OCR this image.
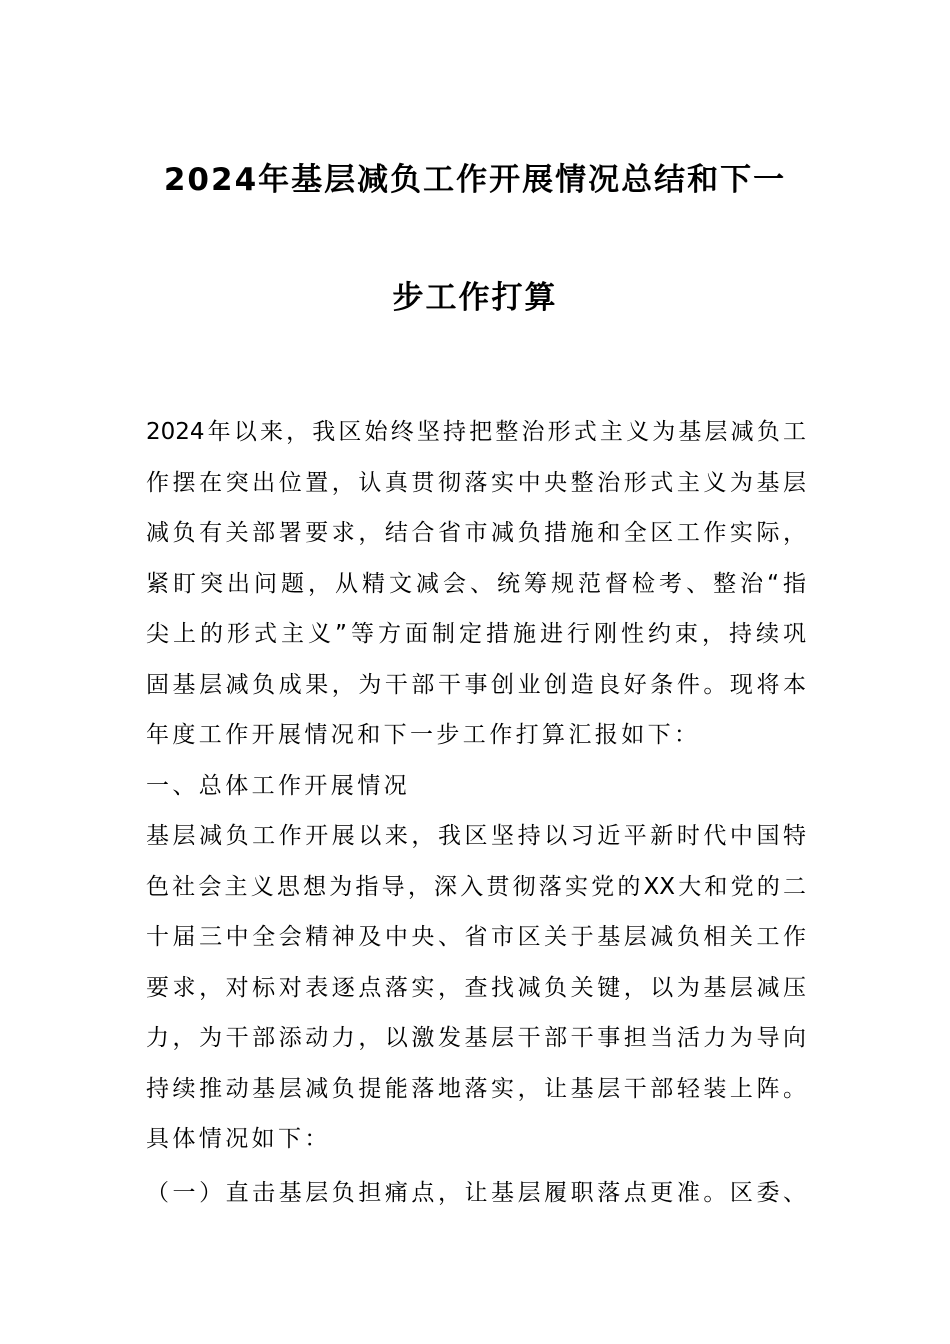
2024年基层减负工作开展情况总结和下一
步工作打算
2024年以来，我区始终坚持把整治形式主义为基层减负工
作摆在突出位置，认真贯彻落实中央整治形式主义为基层
减负有关部署要求，结合省市减负措施和全区工作实际，
紧盯突出问题，从精文减会、统筹规范督检考、整治“指
尖上的形式主义”等方面制定措施进行刚性约束，持续巩
固基层减负成果，为干部干事创业创造良好条件。现将本
年度工作开展情况和下一步工作打算汇报如下：
一、总体工作开展情况
基层减负工作开展以来，我区坚持以习近平新时代中国特
色社会主义思想为指导，深入贯彻落实党的XX大和党的二
十届三中全会精神及中央、省市区关于基层减负相关工作
要求，对标对表逐点落实，查找减负关键，以为基层减压
力，为干部添动力，以激发基层干部干事担当活力为导向
持续推动基层减负提能落地落实，让基层干部轻装上阵。
具体情况如下：
（一）直击基层负担痛点，让基层履职落点更准。区委、
